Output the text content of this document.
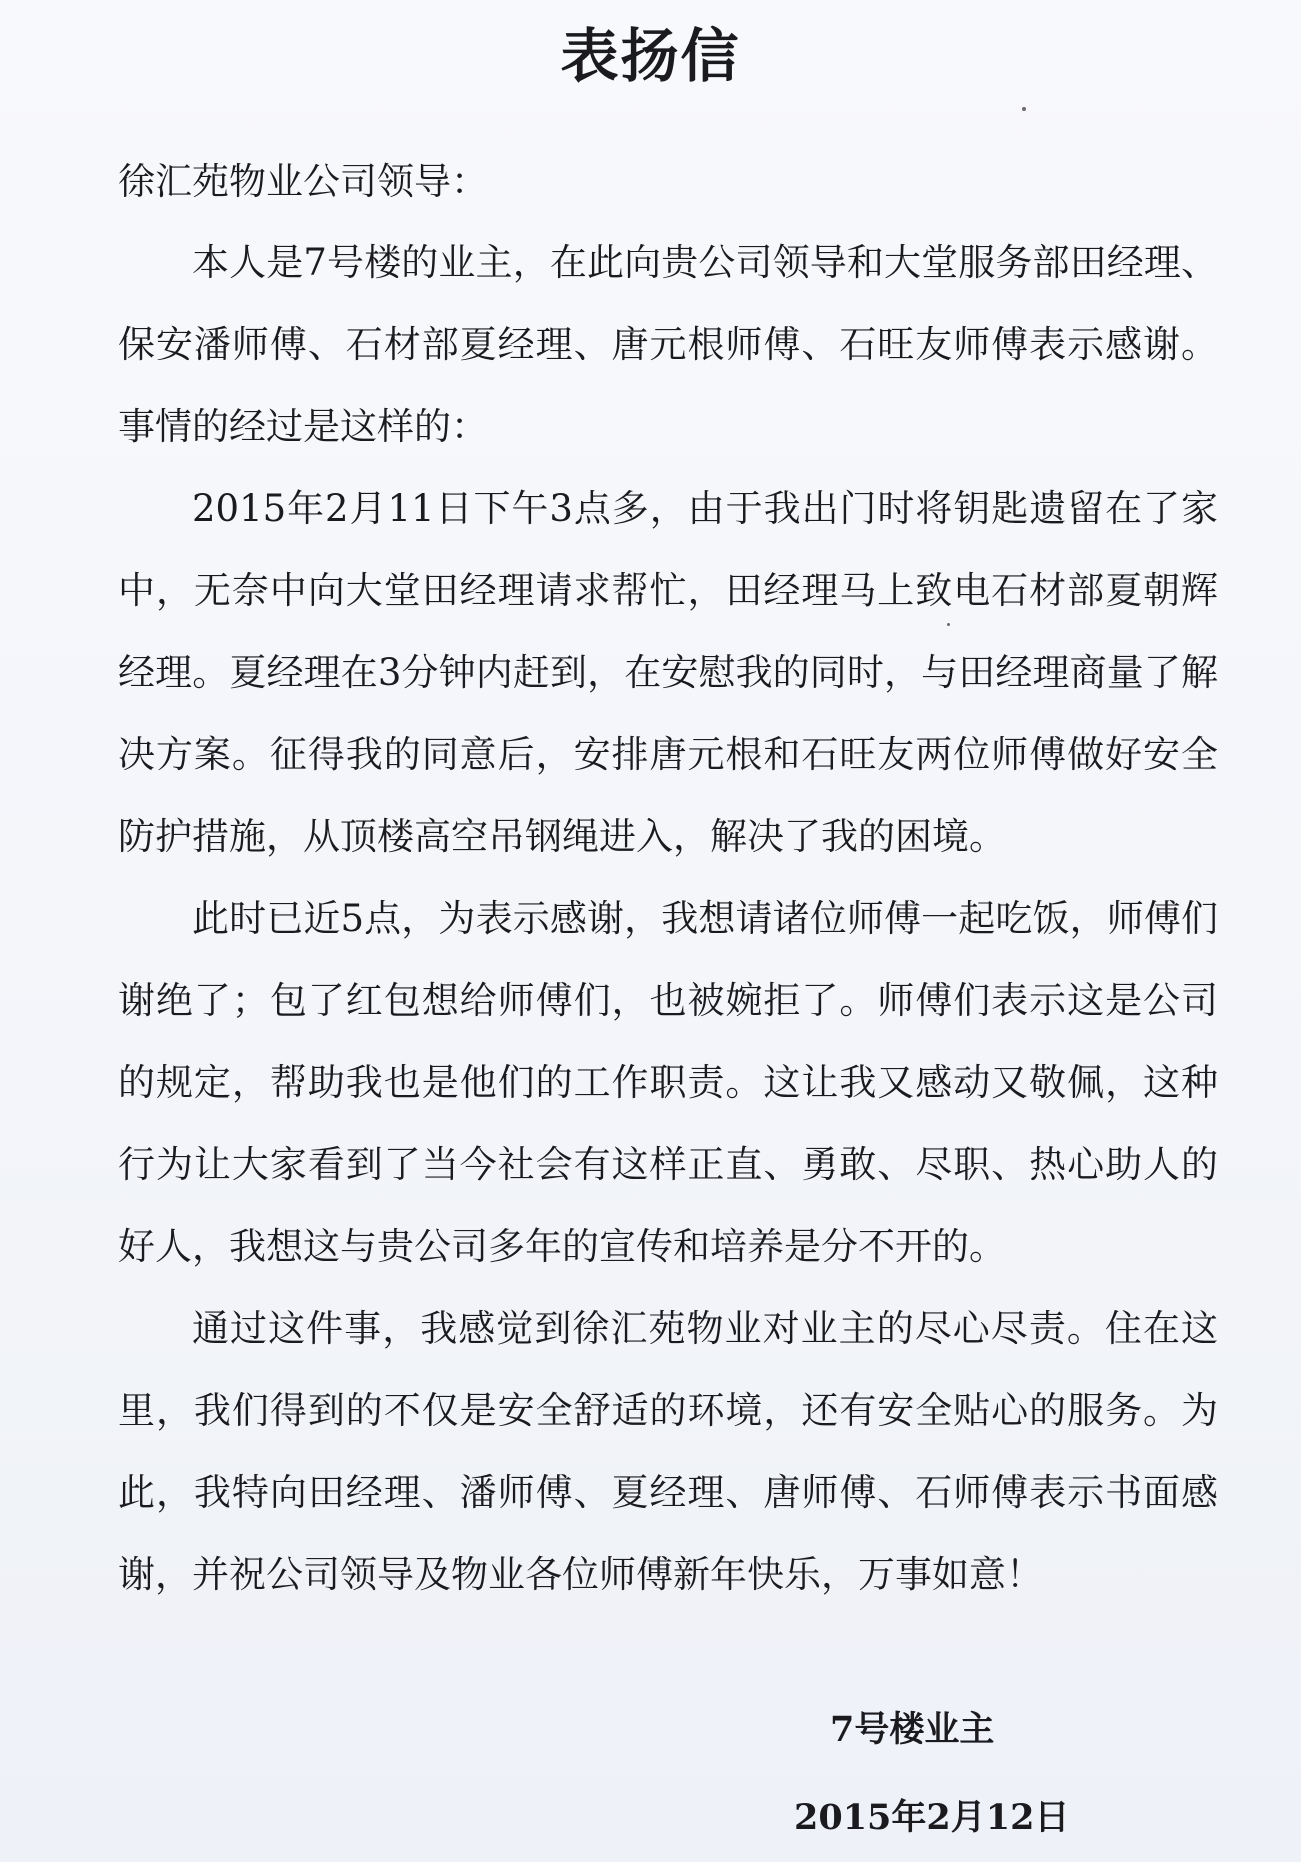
表扬信
徐汇苑物业公司领导：

本人是7号楼的业主，在此向贵公司领导和大堂服务部田经理、保安潘师傅、石材部夏经理、唐元根师傅、石旺友师傅表示感谢。事情的经过是这样的：

2015年2月11日下午3点多，由于我出门时将钥匙遗留在了家中，无奈中向大堂田经理请求帮忙，田经理马上致电石材部夏朝辉经理。夏经理在3分钟内赶到，在安慰我的同时，与田经理商量了解决方案。征得我的同意后，安排唐元根和石旺友两位师傅做好安全防护措施，从顶楼高空吊钢绳进入，解决了我的困境。

此时已近5点，为表示感谢，我想请诸位师傅一起吃饭，师傅们谢绝了；包了红包想给师傅们，也被婉拒了。师傅们表示这是公司的规定，帮助我也是他们的工作职责。这让我又感动又敬佩，这种行为让大家看到了当今社会有这样正直、勇敢、尽职、热心助人的好人，我想这与贵公司多年的宣传和培养是分不开的。

通过这件事，我感觉到徐汇苑物业对业主的尽心尽责。住在这里，我们得到的不仅是安全舒适的环境，还有安全贴心的服务。为此，我特向田经理、潘师傅、夏经理、唐师傅、石师傅表示书面感谢，并祝公司领导及物业各位师傅新年快乐，万事如意！

7号楼业主
2015年2月12日
